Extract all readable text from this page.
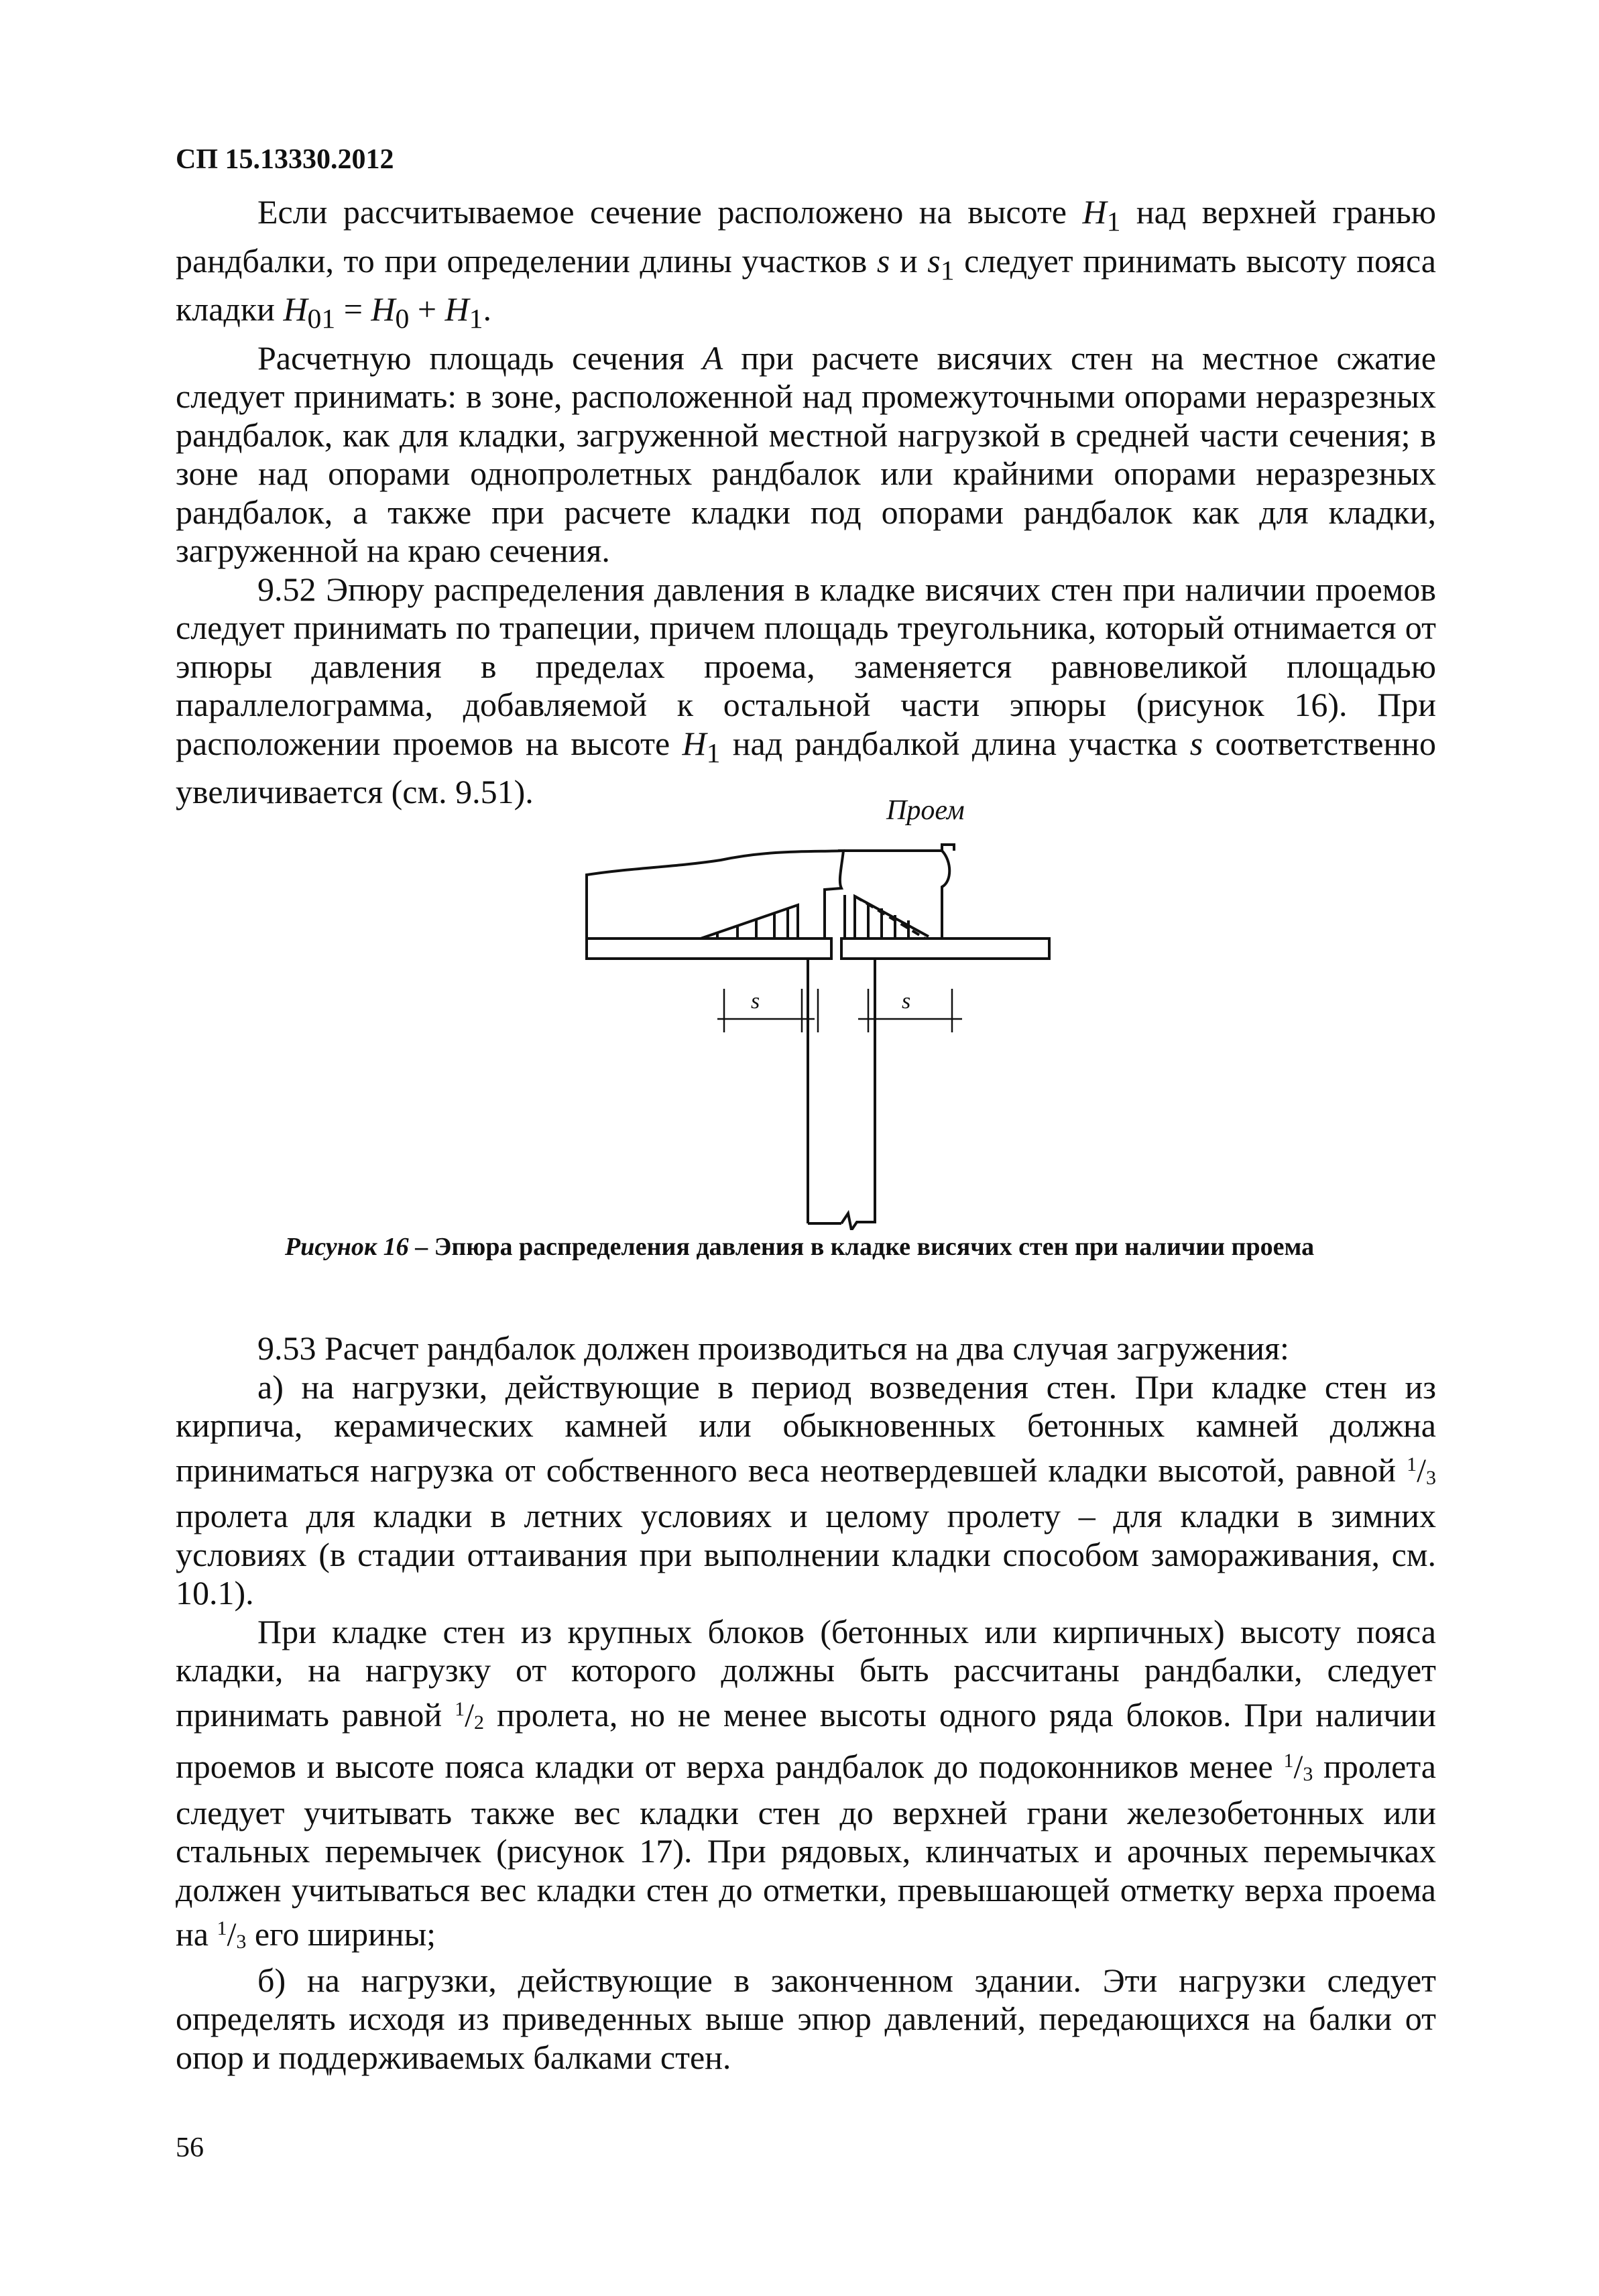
СП 15.13330.2012

Если рассчитываемое сечение расположено на высоте $H_1$ над верхней гранью рандбалки, то при определении длины участков s и $s_1$ следует принимать высоту пояса кладки $H_{01} = H_0 + H_1$.

Расчетную площадь сечения A при расчете висячих стен на местное сжатие следует принимать: в зоне, расположенной над промежуточными опорами неразрезных рандбалок, как для кладки, загруженной местной нагрузкой в средней части сечения; в зоне над опорами однопролетных рандбалок или крайними опорами неразрезных рандбалок, а также при расчете кладки под опорами рандбалок как для кладки, загруженной на краю сечения.

9.52 Эпюру распределения давления в кладке висячих стен при наличии проемов следует принимать по трапеции, причем площадь треугольника, который отнимается от эпюры давления в пределах проема, заменяется равновеликой площадью параллелограмма, добавляемой к остальной части эпюры (рисунок 16). При расположении проемов на высоте $H_1$ над рандбалкой длина участка s соответственно увеличивается (см. 9.51).	Проем
s	s
Рисунок 16 – Эпюра распределения давления в кладке висячих стен при наличии проема

9.53 Расчет рандбалок должен производиться на два случая загружения:

а) на нагрузки, действующие в период возведения стен. При кладке стен из кирпича, керамических камней или обыкновенных бетонных камней должна приниматься нагрузка от собственного веса неотвердевшей кладки высотой, равной $^1/_3$ пролета для кладки в летних условиях и целому пролету – для кладки в зимних условиях (в стадии оттаивания при выполнении кладки способом замораживания, см. 10.1).

При кладке стен из крупных блоков (бетонных или кирпичных) высоту пояса кладки, на нагрузку от которого должны быть рассчитаны рандбалки, следует принимать равной $^1/_2$ пролета, но не менее высоты одного ряда блоков. При наличии проемов и высоте пояса кладки от верха рандбалок до подоконников менее $^1/_3$ пролета следует учитывать также вес кладки стен до верхней грани железобетонных или стальных перемычек (рисунок 17). При рядовых, клинчатых и арочных перемычках должен учитываться вес кладки стен до отметки, превышающей отметку верха проема на $^1/_3$ его ширины;

б) на нагрузки, действующие в законченном здании. Эти нагрузки следует определять исходя из приведенных выше эпюр давлений, передающихся на балки от опор и поддерживаемых балками стен.

56
